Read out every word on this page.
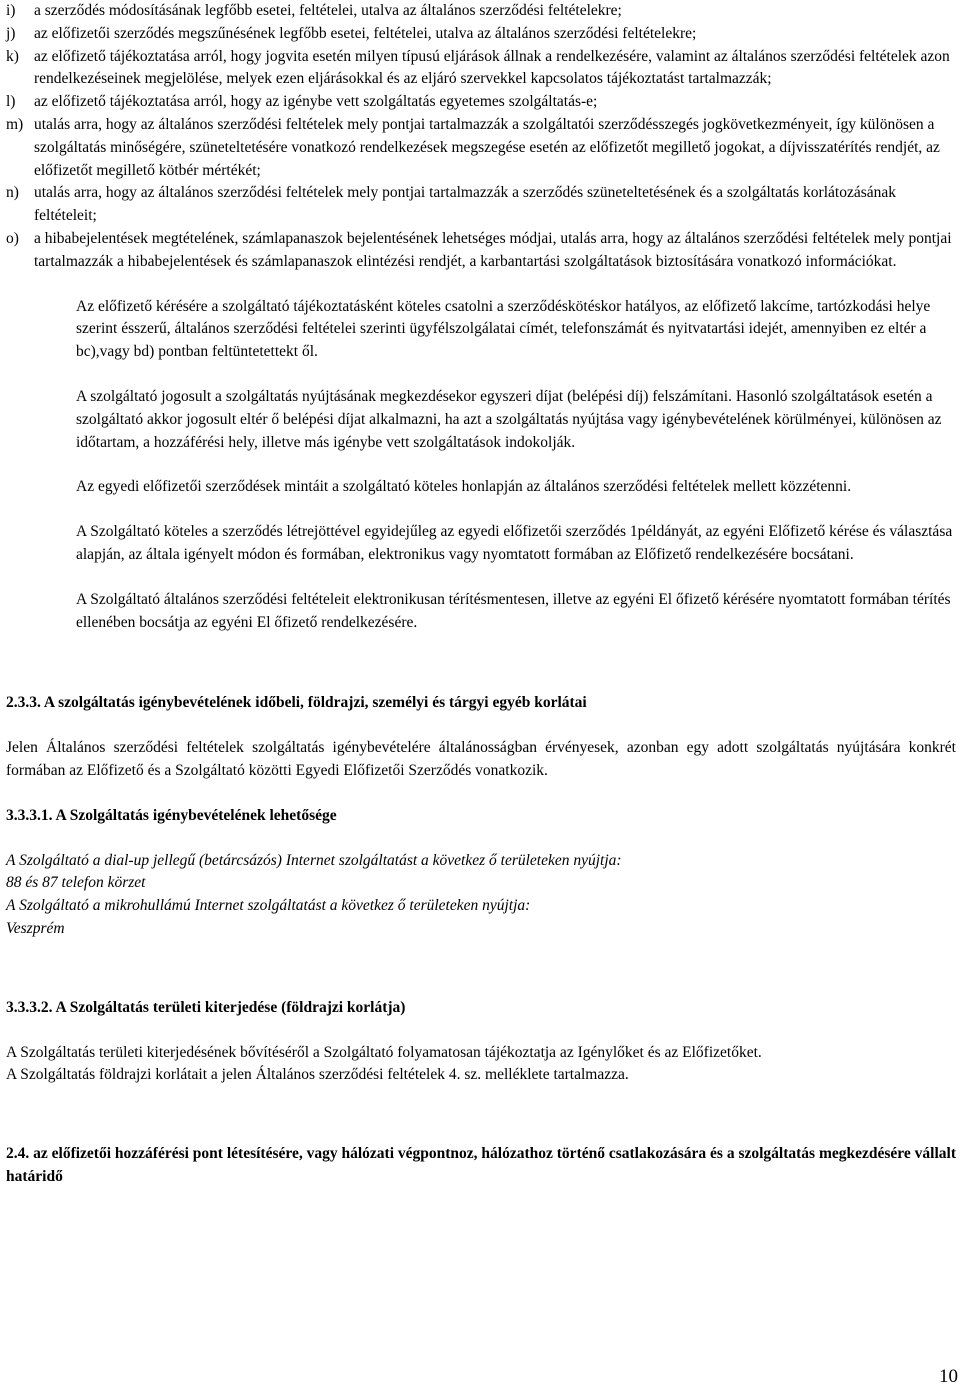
i)	a szerződés módosításának legfőbb esetei, feltételei, utalva az általános szerződési feltételekre;
j)	az előfizetői szerződés megszűnésének legfőbb esetei, feltételei, utalva az általános szerződési feltételekre;
k) az előfizető tájékoztatása arról, hogy jogvita esetén milyen típusú eljárások állnak a rendelkezésére, valamint az általános szerződési feltételek azon rendelkezéseinek megjelölése, melyek ezen eljárásokkal és az eljáró szervekkel kapcsolatos tájékoztatást tartalmazzák;
l)	az előfizető tájékoztatása arról, hogy az igénybe vett szolgáltatás egyetemes szolgáltatás-e;
m) utalás arra, hogy az általános szerződési feltételek mely pontjai tartalmazzák a szolgáltatói szerződésszegés jogkövetkezményeit, így különösen a szolgáltatás minőségére, szüneteltetésére vonatkozó rendelkezések megszegése esetén az előfizetőt megillető jogokat, a díjvisszatérítés rendjét, az előfizetőt megillető kötbér mértékét;
n) utalás arra, hogy az általános szerződési feltételek mely pontjai tartalmazzák a szerződés szüneteltetésének és a szolgáltatás korlátozásának feltételeit;
o) a hibabejelentések megtételének, számlapanaszok bejelentésének lehetséges módjai, utalás arra, hogy az általános szerződési feltételek mely pontjai tartalmazzák a hibabejelentések és számlapanaszok elintézési rendjét, a karbantartási szolgáltatások biztosítására vonatkozó információkat.

Az előfizető kérésére a szolgáltató tájékoztatásként köteles csatolni a szerződéskötéskor hatályos, az előfizető lakcíme, tartózkodási helye szerint ésszerű, általános szerződési feltételei szerinti ügyfélszolgálatai címét, telefonszámát és nyitvatartási idejét, amennyiben ez eltér a bc),vagy bd) pontban feltüntetettekt ől.

A szolgáltató jogosult a szolgáltatás nyújtásának megkezdésekor egyszeri díjat (belépési díj) felszámítani. Hasonló szolgáltatások esetén a szolgáltató akkor jogosult eltér ő belépési díjat alkalmazni, ha azt a szolgáltatás nyújtása vagy igénybevételének körülményei, különösen az időtartam, a hozzáférési hely, illetve más igénybe vett szolgáltatások indokolják.

Az egyedi előfizetői szerződések mintáit a szolgáltató köteles honlapján az általános szerződési feltételek mellett közzétenni.

A Szolgáltató köteles a szerződés létrejöttével egyidejűleg az egyedi előfizetői szerződés 1példányát, az egyéni Előfizető kérése és választása alapján, az általa igényelt módon és formában, elektronikus vagy nyomtatott formában az Előfizető rendelkezésére bocsátani.

A Szolgáltató általános szerződési feltételeit elektronikusan térítésmentesen, illetve az egyéni El őfizető kérésére nyomtatott formában térítés ellenében bocsátja az egyéni El őfizető rendelkezésére.

2.3.3. A szolgáltatás igénybevételének időbeli, földrajzi, személyi és tárgyi egyéb korlátai

Jelen Általános szerződési feltételek szolgáltatás igénybevételére általánosságban érvényesek, azonban egy adott szolgáltatás nyújtására konkrét formában az Előfizető és a Szolgáltató közötti Egyedi Előfizetői Szerződés vonatkozik.

3.3.3.1. A Szolgáltatás igénybevételének lehetősége

A Szolgáltató a dial-up jellegű (betárcsázós) Internet szolgáltatást a következ ő területeken nyújtja:

88 és 87 telefon körzet

A Szolgáltató a mikrohullámú Internet szolgáltatást a következ ő területeken nyújtja:

Veszprém

3.3.3.2. A Szolgáltatás területi kiterjedése (földrajzi korlátja)

A Szolgáltatás területi kiterjedésének bővítéséről a Szolgáltató folyamatosan tájékoztatja az Igénylőket és az Előfizetőket.

A Szolgáltatás földrajzi korlátait a jelen Általános szerződési feltételek 4. sz. melléklete tartalmazza.

2.4. az előfizetői hozzáférési pont létesítésére, vagy hálózati végpontnoz, hálózathoz történő csatlakozására és a szolgáltatás megkezdésére vállalt határidő

10
